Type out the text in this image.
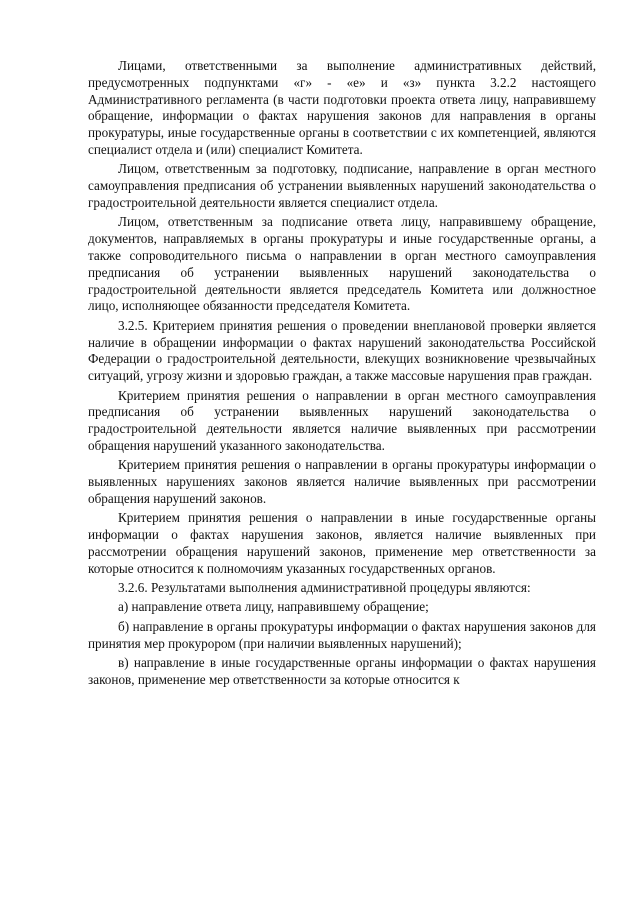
Лицами, ответственными за выполнение административных действий, предусмотренных подпунктами «г» - «е» и «з» пункта 3.2.2 настоящего Административного регламента (в части подготовки проекта ответа лицу, направившему обращение, информации о фактах нарушения законов для направления в органы прокуратуры, иные государственные органы в соответствии с их компетенцией, являются специалист отдела и (или) специалист Комитета.

Лицом, ответственным за подготовку, подписание, направление в орган местного самоуправления предписания об устранении выявленных нарушений законодательства о градостроительной деятельности является специалист отдела.

Лицом, ответственным за подписание ответа лицу, направившему обращение, документов, направляемых в органы прокуратуры и иные государственные органы, а также сопроводительного письма о направлении в орган местного самоуправления предписания об устранении выявленных нарушений законодательства о градостроительной деятельности является председатель Комитета или должностное лицо, исполняющее обязанности председателя Комитета.

3.2.5. Критерием принятия решения о проведении внеплановой проверки является наличие в обращении информации о фактах нарушений законодательства Российской Федерации о градостроительной деятельности, влекущих возникновение чрезвычайных ситуаций, угрозу жизни и здоровью граждан, а также массовые нарушения прав граждан.

Критерием принятия решения о направлении в орган местного самоуправления предписания об устранении выявленных нарушений законодательства о градостроительной деятельности является наличие выявленных при рассмотрении обращения нарушений указанного законодательства.

Критерием принятия решения о направлении в органы прокуратуры информации о выявленных нарушениях законов является наличие выявленных при рассмотрении обращения нарушений законов.

Критерием принятия решения о направлении в иные государственные органы информации о фактах нарушения законов, является наличие выявленных при рассмотрении обращения нарушений законов, применение мер ответственности за которые относится к полномочиям указанных государственных органов.

3.2.6. Результатами выполнения административной процедуры являются:

а) направление ответа лицу, направившему обращение;

б) направление в органы прокуратуры информации о фактах нарушения законов для принятия мер прокурором (при наличии выявленных нарушений);

в) направление в иные государственные органы информации о фактах нарушения законов, применение мер ответственности за которые относится к
